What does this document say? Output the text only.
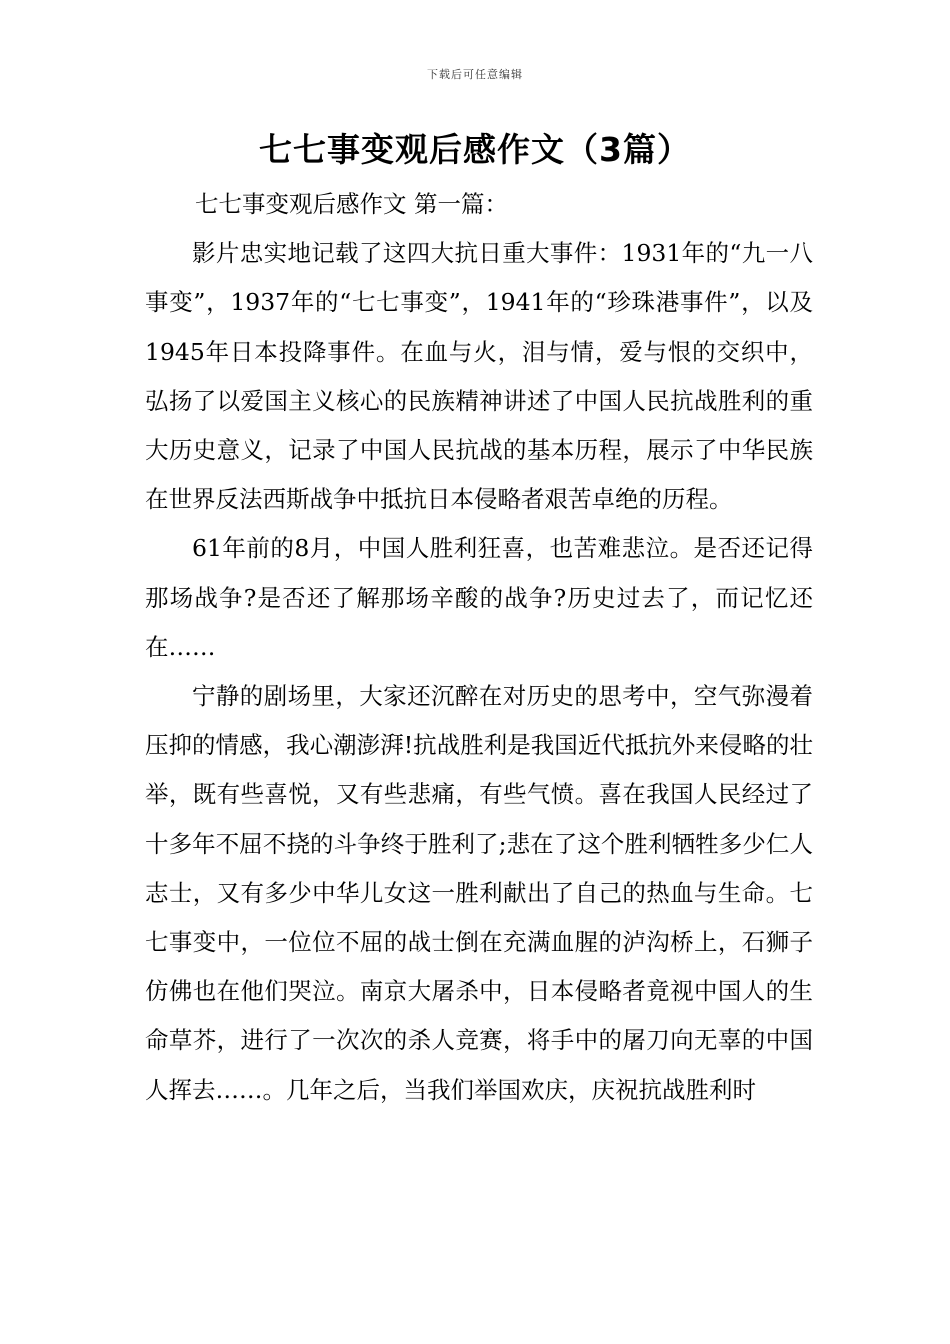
下载后可任意编辑
七七事变观后感作文（3篇）

七七事变观后感作文 第一篇：

影片忠实地记载了这四大抗日重大事件：1931年的“九一八事变”，1937年的“七七事变”，1941年的“珍珠港事件”，以及1945年日本投降事件。在血与火，泪与情，爱与恨的交织中，弘扬了以爱国主义核心的民族精神讲述了中国人民抗战胜利的重大历史意义，记录了中国人民抗战的基本历程，展示了中华民族在世界反法西斯战争中抵抗日本侵略者艰苦卓绝的历程。

61年前的8月，中国人胜利狂喜，也苦难悲泣。是否还记得那场战争?是否还了解那场辛酸的战争?历史过去了，而记忆还在……

宁静的剧场里，大家还沉醉在对历史的思考中，空气弥漫着压抑的情感，我心潮澎湃!抗战胜利是我国近代抵抗外来侵略的壮举，既有些喜悦，又有些悲痛，有些气愤。喜在我国人民经过了十多年不屈不挠的斗争终于胜利了;悲在了这个胜利牺牲多少仁人志士，又有多少中华儿女这一胜利献出了自己的热血与生命。七七事变中，一位位不屈的战士倒在充满血腥的泸沟桥上，石狮子仿佛也在他们哭泣。南京大屠杀中，日本侵略者竟视中国人的生命草芥，进行了一次次的杀人竞赛，将手中的屠刀向无辜的中国人挥去……。几年之后，当我们举国欢庆，庆祝抗战胜利时
